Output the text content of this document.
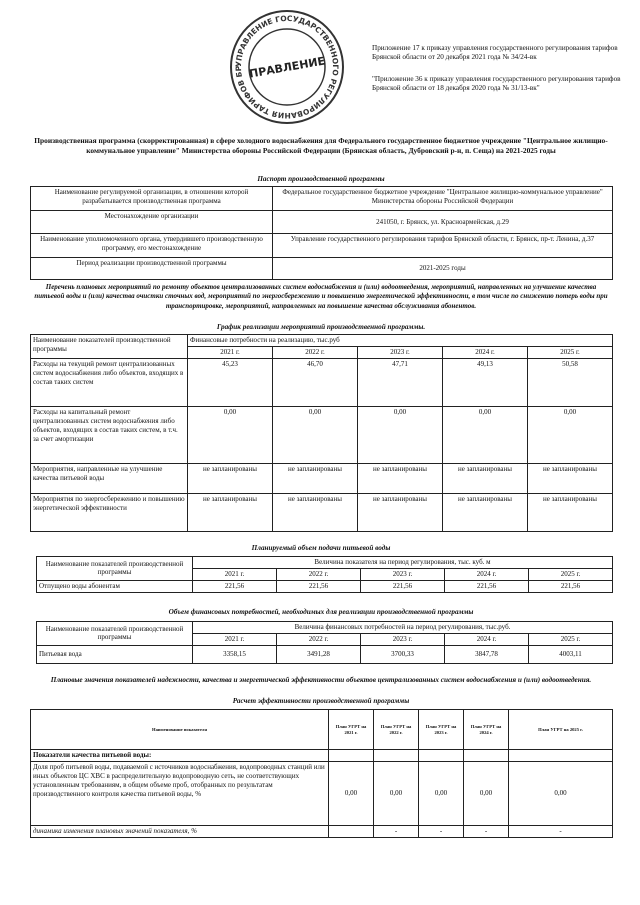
УПРАВЛЕНИЕ ГОСУДАРСТВЕННОГО РЕГУЛИРОВАНИЯ ТАРИФОВ БР ПРАВЛЕНИЕ

Приложение 17 к приказу управления государственного регулирования тарифов Брянской области от 20 декабря 2021 года № 34/24-вк

"Приложение 36 к приказу управления государственного регулирования тарифов Брянской области от 18 декабря 2020 года № 31/13-вк"

Производственная программа (скорректированная) в сфере холодного водоснабжения для Федерального государственное бюджетное учреждение "Центральное жилищно-коммунальное управление" Министерства обороны Российской Федерации (Брянская область, Дубровский р-н, п. Сеща) на 2021-2025 годы
Паспорт производственной программы
Наименование регулируемой организации, в отношении которой разрабатывается производственная программа	Федеральное государственное бюджетное учреждение "Центральное жилищно-коммунальное управление" Министерства обороны Российской Федерации
Местонахождение организации	241050, г. Брянск, ул. Красноармейская, д.29
Наименование уполномоченного органа, утвердившего производственную программу, его местонахождение	Управление государственного регулирования тарифов Брянской области, г. Брянск, пр-т. Ленина, д.37
Период реализации производственной программы	2021-2025 годы
Перечень плановых мероприятий по ремонту объектов централизованных систем водоснабжения и (или) водоотведения, мероприятий, направленных на улучшение качества питьевой воды и (или) качества очистки сточных вод, мероприятий по энергосбережению и повышению энергетической эффективности, в том числе по снижению потерь воды при транспортировке, мероприятий, направленных на повышение качества обслуживания абонентов.
График реализации мероприятий производственной программы.
Наименование показателей производственной программы	Финансовые потребности на реализацию, тыс.руб				
	2021 г.	2022 г.	2023 г.	2024 г.	2025 г.
Расходы на текущий ремонт централизованных систем водоснабжения либо объектов, входящих в состав таких систем	45,23	46,70	47,71	49,13	50,58
Расходы на капитальный ремонт централизованных систем водоснабжения либо объектов, входящих в состав таких систем, в т.ч. за счет амортизации	0,00	0,00	0,00	0,00	0,00
Мероприятия, направленные на улучшение качества питьевой воды	не запланированы	не запланированы	не запланированы	не запланированы	не запланированы
Мероприятия по энергосбережению и повышению энергетической эффективности	не запланированы	не запланированы	не запланированы	не запланированы	не запланированы
Планируемый объем подачи питьевой воды
Наименование показателей производственной программы	Величина показателя на период регулирования, тыс. куб. м				
	2021 г.	2022 г.	2023 г.	2024 г.	2025 г.
Отпущено воды абонентам	221,56	221,56	221,56	221,56	221,56
Объем финансовых потребностей, необходимых для реализации производственной программы
Наименование показателей производственной программы	Величина финансовых потребностей на период регулирования, тыс.руб.				
	2021 г.	2022 г.	2023 г.	2024 г.	2025 г.
Питьевая вода	3358,15	3491,28	3700,33	3847,78	4003,11
Плановые значения показателей надежности, качества и энергетической эффективности объектов централизованных систем водоснабжения и (или) водоотведения.
Расчет эффективности производственной программы
Наименование показателя	План УГРТ на 2021 г.	План УГРТ на 2022 г.	План УГРТ на 2023 г.	План УГРТ на 2024 г.	План УГРТ на 2025 г.
Показатели качества питьевой воды:					
Доля проб питьевой воды, подаваемой с источников водоснабжения, водопроводных станций или иных объектов ЦС ХВС в распределительную водопроводную сеть, не соответствующих установленным требованиям, в общем объеме проб, отобранных по результатам производственного контроля качества питьевой воды, %	0,00	0,00	0,00	0,00	0,00
динамика изменения плановых значений показателя, %		-	-	-	-
